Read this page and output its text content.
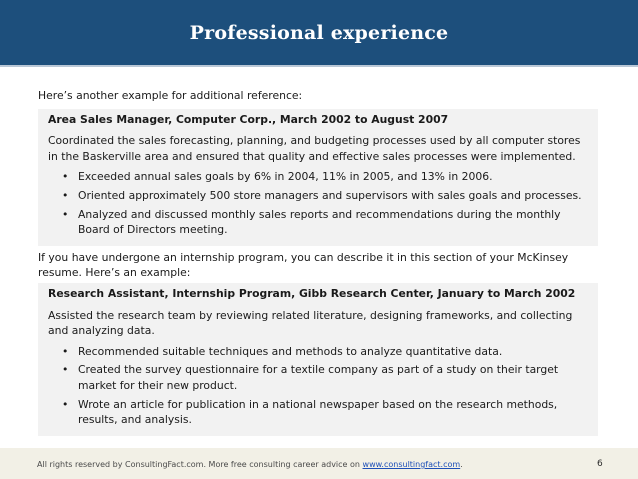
Professional experience

Here’s another example for additional reference:

Area Sales Manager, Computer Corp., March 2002 to August 2007

Coordinated the sales forecasting, planning, and budgeting processes used by all computer stores in the Baskerville area and ensured that quality and effective sales processes were implemented.

• Exceeded annual sales goals by 6% in 2004, 11% in 2005, and 13% in 2006.
• Oriented approximately 500 store managers and supervisors with sales goals and processes.
• Analyzed and discussed monthly sales reports and recommendations during the monthly Board of Directors meeting.

If you have undergone an internship program, you can describe it in this section of your McKinsey resume. Here’s an example:

Research Assistant, Internship Program, Gibb Research Center, January to March 2002

Assisted the research team by reviewing related literature, designing frameworks, and collecting and analyzing data.

• Recommended suitable techniques and methods to analyze quantitative data.
• Created the survey questionnaire for a textile company as part of a study on their target market for their new product.
• Wrote an article for publication in a national newspaper based on the research methods, results, and analysis.
All rights reserved by ConsultingFact.com. More free consulting career advice on www.consultingfact.com.	6
